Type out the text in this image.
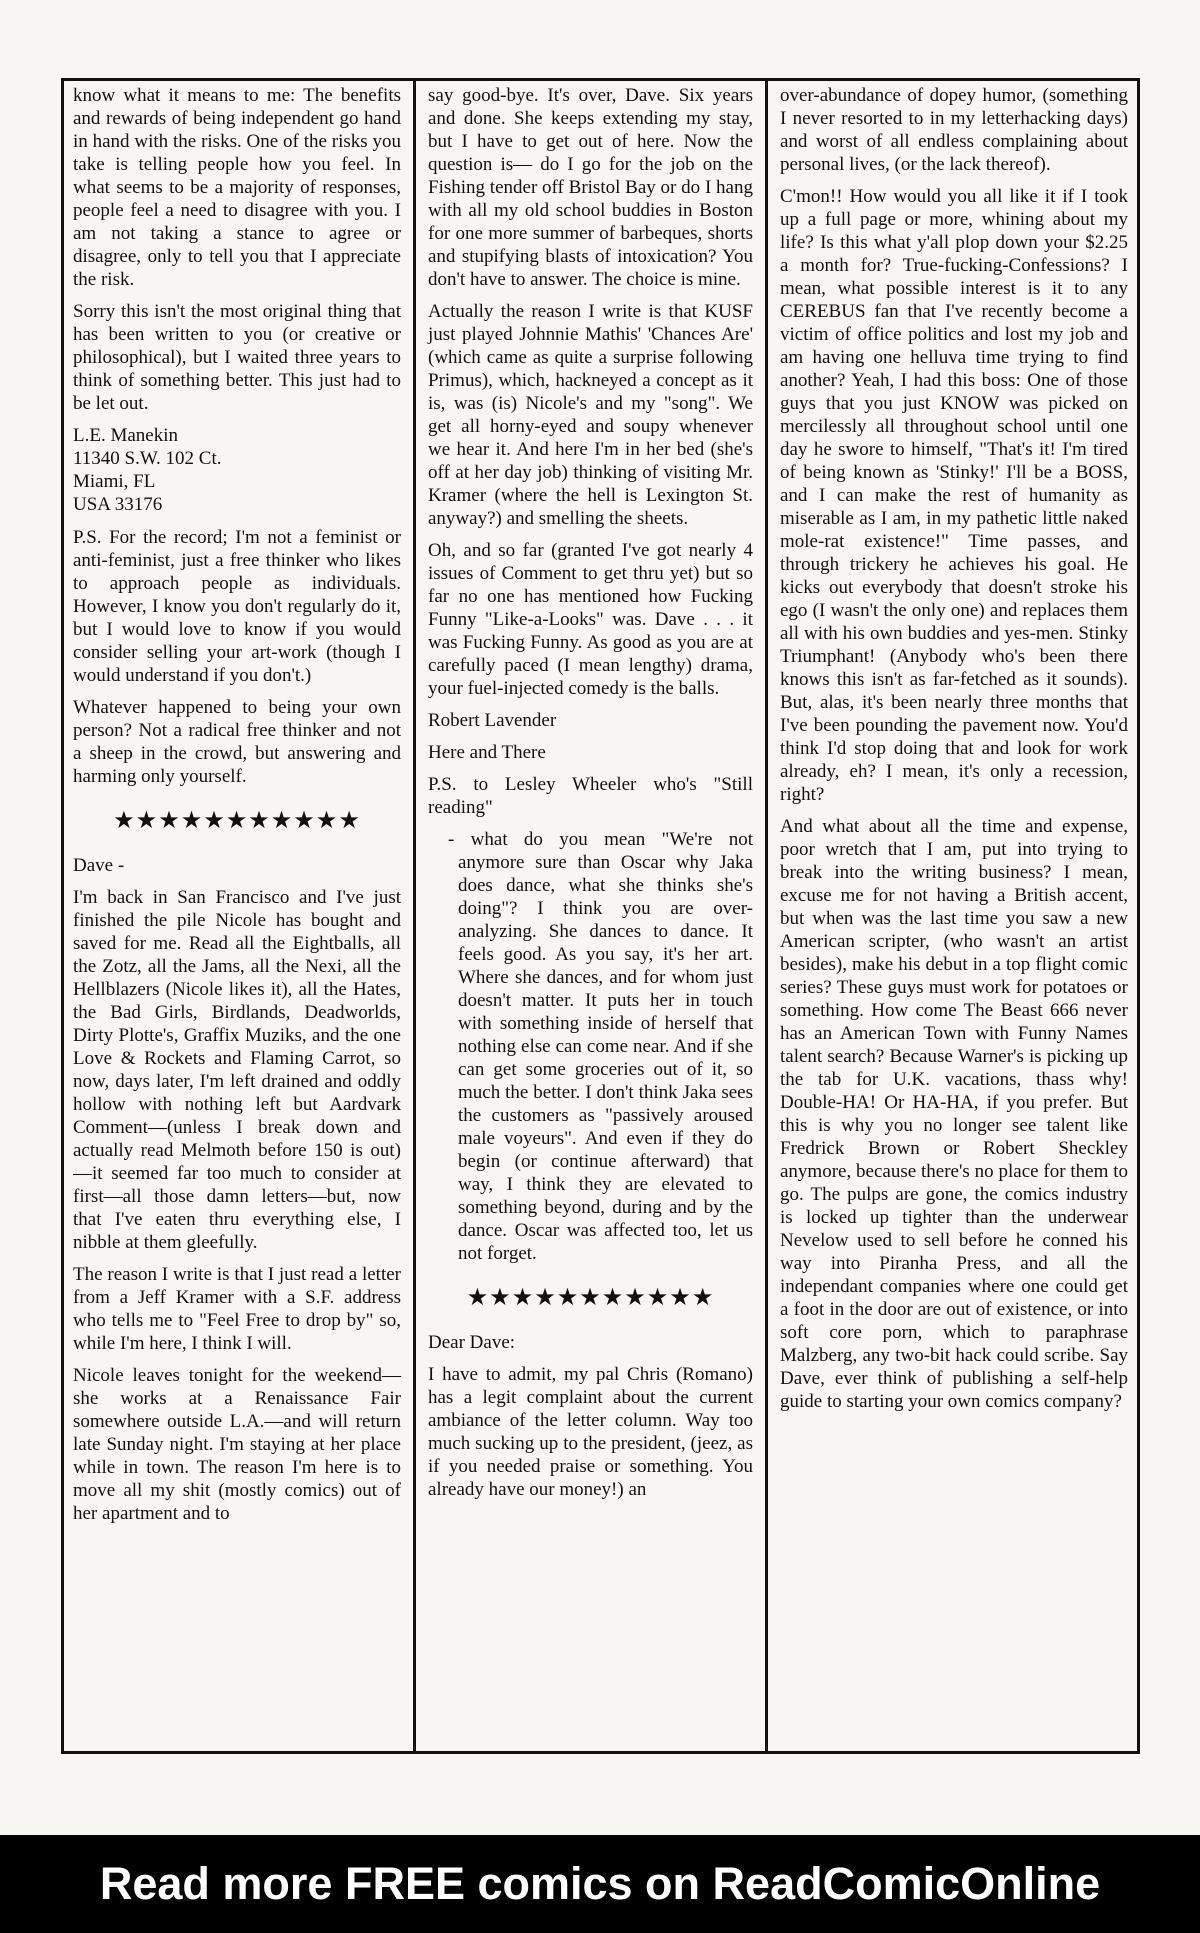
know what it means to me: The benefits and rewards of being independent go hand in hand with the risks. One of the risks you take is telling people how you feel. In what seems to be a majority of responses, people feel a need to disagree with you. I am not taking a stance to agree or disagree, only to tell you that I appreciate the risk.

Sorry this isn't the most original thing that has been written to you (or creative or philosophical), but I waited three years to think of something better. This just had to be let out.

L.E. Manekin
11340 S.W. 102 Ct.
Miami, FL
USA 33176

P.S. For the record; I'm not a feminist or anti-feminist, just a free thinker who likes to approach people as individuals. However, I know you don't regularly do it, but I would love to know if you would consider selling your art-work (though I would understand if you don't.)

Whatever happened to being your own person? Not a radical free thinker and not a sheep in the crowd, but answering and harming only yourself.

★★★★★★★★★★★
Dave -

I'm back in San Francisco and I've just finished the pile Nicole has bought and saved for me. Read all the Eightballs, all the Zotz, all the Jams, all the Nexi, all the Hellblazers (Nicole likes it), all the Hates, the Bad Girls, Birdlands, Deadworlds, Dirty Plotte's, Graffix Muziks, and the one Love & Rockets and Flaming Carrot, so now, days later, I'm left drained and oddly hollow with nothing left but Aardvark Comment—(unless I break down and actually read Melmoth before 150 is out)—it seemed far too much to consider at first—all those damn letters—but, now that I've eaten thru everything else, I nibble at them gleefully.

The reason I write is that I just read a letter from a Jeff Kramer with a S.F. address who tells me to "Feel Free to drop by" so, while I'm here, I think I will.

Nicole leaves tonight for the weekend—she works at a Renaissance Fair somewhere outside L.A.—and will return late Sunday night. I'm staying at her place while in town. The reason I'm here is to move all my shit (mostly comics) out of her apartment and to

say good-bye. It's over, Dave. Six years and done. She keeps extending my stay, but I have to get out of here. Now the question is— do I go for the job on the Fishing tender off Bristol Bay or do I hang with all my old school buddies in Boston for one more summer of barbeques, shorts and stupifying blasts of intoxication? You don't have to answer. The choice is mine.

Actually the reason I write is that KUSF just played Johnnie Mathis' 'Chances Are' (which came as quite a surprise following Primus), which, hackneyed a concept as it is, was (is) Nicole's and my "song". We get all horny-eyed and soupy whenever we hear it. And here I'm in her bed (she's off at her day job) thinking of visiting Mr. Kramer (where the hell is Lexington St. anyway?) and smelling the sheets.

Oh, and so far (granted I've got nearly 4 issues of Comment to get thru yet) but so far no one has mentioned how Fucking Funny "Like-a-Looks" was. Dave . . . it was Fucking Funny. As good as you are at carefully paced (I mean lengthy) drama, your fuel-injected comedy is the balls.

Robert Lavender
Here and There

P.S. to Lesley Wheeler who's "Still reading"

- what do you mean "We're not anymore sure than Oscar why Jaka does dance, what she thinks she's doing"? I think you are over-analyzing. She dances to dance. It feels good. As you say, it's her art. Where she dances, and for whom just doesn't matter. It puts her in touch with something inside of herself that nothing else can come near. And if she can get some groceries out of it, so much the better. I don't think Jaka sees the customers as "passively aroused male voyeurs". And even if they do begin (or continue afterward) that way, I think they are elevated to something beyond, during and by the dance. Oscar was affected too, let us not forget.

★★★★★★★★★★★
Dear Dave:

I have to admit, my pal Chris (Romano) has a legit complaint about the current ambiance of the letter column. Way too much sucking up to the president, (jeez, as if you needed praise or something. You already have our money!) an

over-abundance of dopey humor, (something I never resorted to in my letterhacking days) and worst of all endless complaining about personal lives, (or the lack thereof).

C'mon!! How would you all like it if I took up a full page or more, whining about my life? Is this what y'all plop down your $2.25 a month for? True-fucking-Confessions? I mean, what possible interest is it to any CEREBUS fan that I've recently become a victim of office politics and lost my job and am having one helluva time trying to find another? Yeah, I had this boss: One of those guys that you just KNOW was picked on mercilessly all throughout school until one day he swore to himself, "That's it! I'm tired of being known as 'Stinky!' I'll be a BOSS, and I can make the rest of humanity as miserable as I am, in my pathetic little naked mole-rat existence!" Time passes, and through trickery he achieves his goal. He kicks out everybody that doesn't stroke his ego (I wasn't the only one) and replaces them all with his own buddies and yes-men. Stinky Triumphant! (Anybody who's been there knows this isn't as far-fetched as it sounds). But, alas, it's been nearly three months that I've been pounding the pavement now. You'd think I'd stop doing that and look for work already, eh? I mean, it's only a recession, right?

And what about all the time and expense, poor wretch that I am, put into trying to break into the writing business? I mean, excuse me for not having a British accent, but when was the last time you saw a new American scripter, (who wasn't an artist besides), make his debut in a top flight comic series? These guys must work for potatoes or something. How come The Beast 666 never has an American Town with Funny Names talent search? Because Warner's is picking up the tab for U.K. vacations, thass why! Double-HA! Or HA-HA, if you prefer. But this is why you no longer see talent like Fredrick Brown or Robert Sheckley anymore, because there's no place for them to go. The pulps are gone, the comics industry is locked up tighter than the underwear Nevelow used to sell before he conned his way into Piranha Press, and all the independant companies where one could get a foot in the door are out of existence, or into soft core porn, which to paraphrase Malzberg, any two-bit hack could scribe. Say Dave, ever think of publishing a self-help guide to starting your own comics company?

Read more FREE comics on ReadComicOnline
